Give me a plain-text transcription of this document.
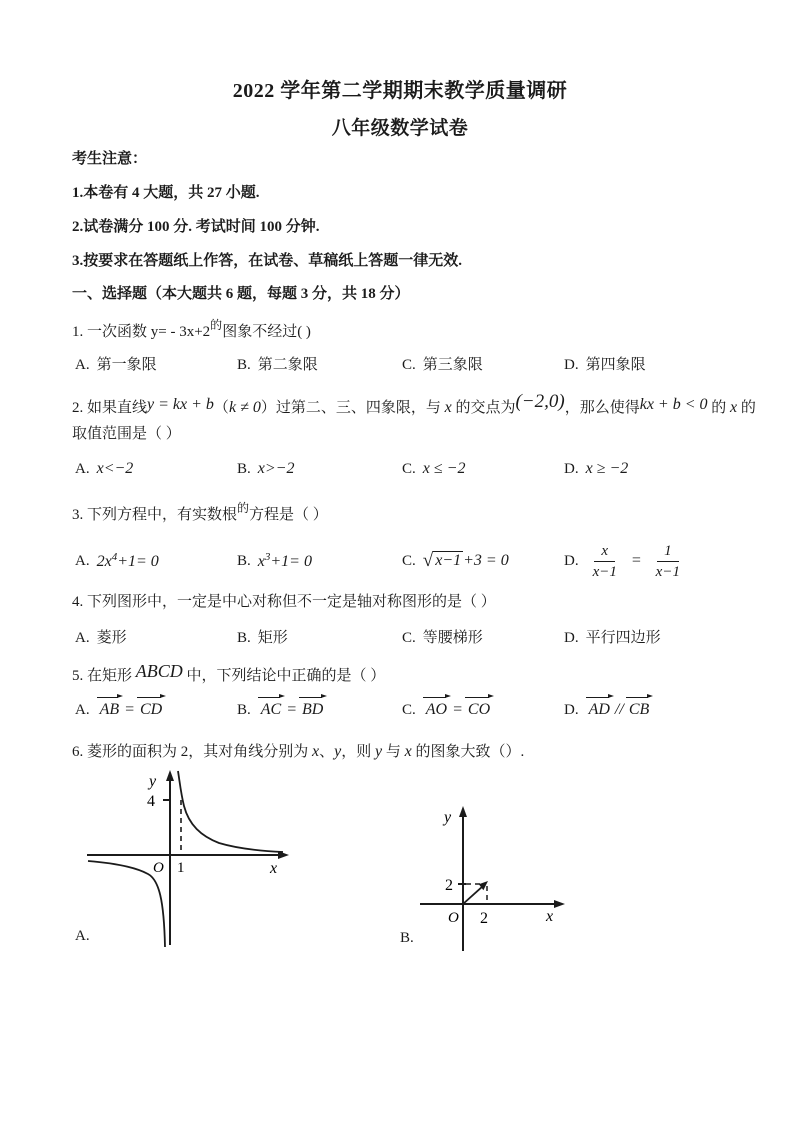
2022 学年第二学期期末教学质量调研
八年级数学试卷
考生注意：
1.本卷有 4 大题，共 27 小题.
2.试卷满分 100 分. 考试时间 100 分钟.
3.按要求在答题纸上作答，在试卷、草稿纸上答题一律无效.
一、选择题（本大题共 6 题，每题 3 分，共 18 分）
1. 一次函数 $y= - 3x+2^的$图象不经过( )
A. 第一象限	B. 第二象限	C. 第三象限	D. 第四象限
2. 如果直线y = kx + b（k ≠ 0）过第二、三、四象限，与 x 的交点为(−2,0)，那么使得kx + b < 0 的 x 的
取值范围是（ ）
A. x<−2	B. x>−2	C. x ≤ −2	D. x ≥ −2
3. 下列方程中，有实数根$^的$方程是（ ）
A. $2x^4+1= 0$	B. $x^3+1= 0$	C. √ x−1 +3 = 0	D. $\frac{x}{x-1} = \frac{1}{x-1}$
4. 下列图形中，一定是中心对称但不一定是轴对称图形的是（ ）
A. 菱形	B. 矩形	C. 等腰梯形	D. 平行四边形
5. 在矩形 ABCD 中，下列结论中正确的是（ ）
A. AB = CD	B. AC = BD	C. AO = CO	D. AD // CB
6. 菱形的面积为 2，其对角线分别为 x、y，则 y 与 x 的图象大致（）.
y
x
O
4
1
A.
y
x
O
2
2
B.
